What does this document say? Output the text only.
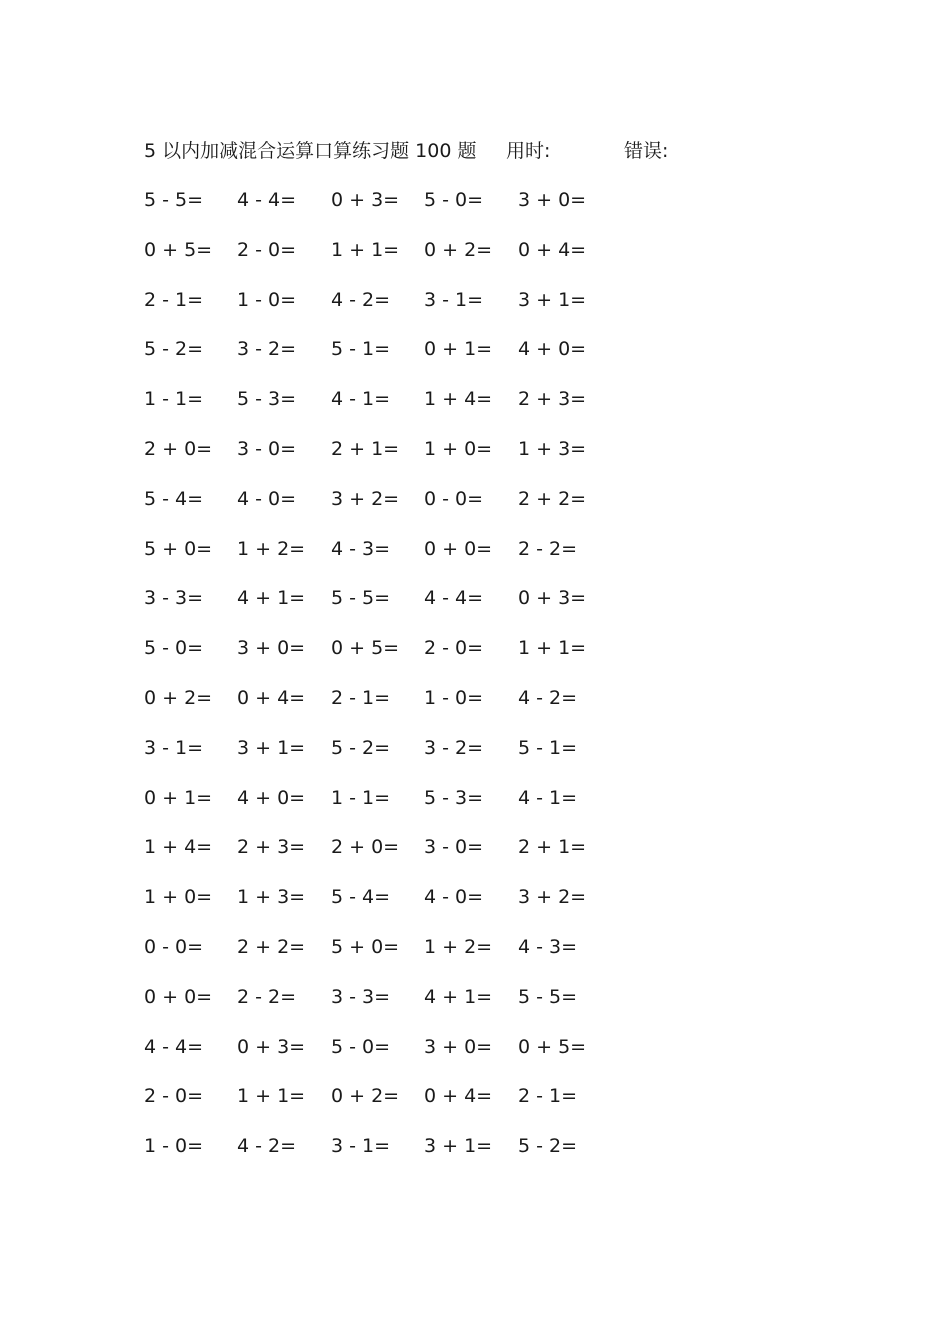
5 以内加减混合运算口算练习题 100 题 用时:	错误:
5 - 5= 4 - 4= 0 + 3= 5 - 0= 3 + 0=
0 + 5= 2 - 0= 1 + 1= 0 + 2= 0 + 4=
2 - 1= 1 - 0= 4 - 2= 3 - 1= 3 + 1=
5 - 2= 3 - 2= 5 - 1= 0 + 1= 4 + 0=
1 - 1= 5 - 3= 4 - 1= 1 + 4= 2 + 3=
2 + 0= 3 - 0= 2 + 1= 1 + 0= 1 + 3=
5 - 4= 4 - 0= 3 + 2= 0 - 0= 2 + 2=
5 + 0= 1 + 2= 4 - 3= 0 + 0= 2 - 2=
3 - 3= 4 + 1= 5 - 5= 4 - 4= 0 + 3=
5 - 0= 3 + 0= 0 + 5= 2 - 0= 1 + 1=
0 + 2= 0 + 4= 2 - 1= 1 - 0= 4 - 2=
3 - 1= 3 + 1= 5 - 2= 3 - 2= 5 - 1=
0 + 1= 4 + 0= 1 - 1= 5 - 3= 4 - 1=
1 + 4= 2 + 3= 2 + 0= 3 - 0= 2 + 1=
1 + 0= 1 + 3= 5 - 4= 4 - 0= 3 + 2=
0 - 0= 2 + 2= 5 + 0= 1 + 2= 4 - 3=
0 + 0= 2 - 2= 3 - 3= 4 + 1= 5 - 5=
4 - 4= 0 + 3= 5 - 0= 3 + 0= 0 + 5=
2 - 0= 1 + 1= 0 + 2= 0 + 4= 2 - 1=
1 - 0= 4 - 2= 3 - 1= 3 + 1= 5 - 2=
